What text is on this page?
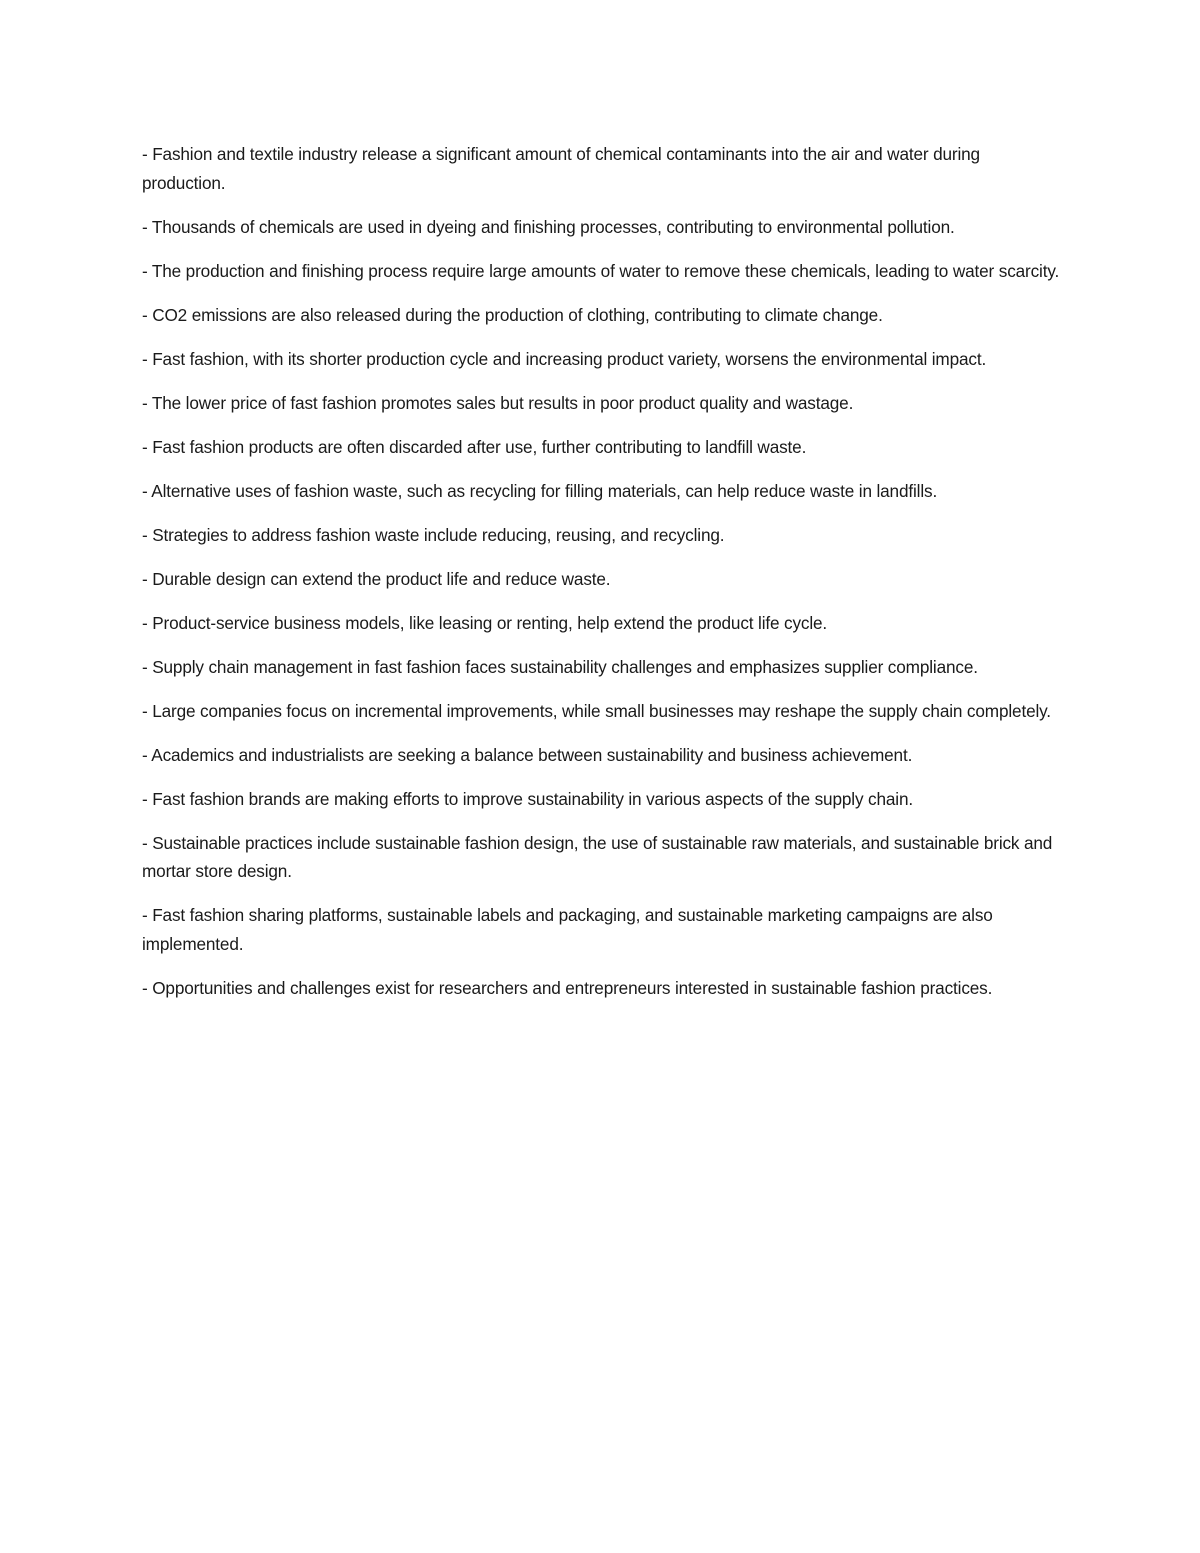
- Fashion and textile industry release a significant amount of chemical contaminants into the air and water during production.

- Thousands of chemicals are used in dyeing and finishing processes, contributing to environmental pollution.

- The production and finishing process require large amounts of water to remove these chemicals, leading to water scarcity.

- CO2 emissions are also released during the production of clothing, contributing to climate change.

- Fast fashion, with its shorter production cycle and increasing product variety, worsens the environmental impact.

- The lower price of fast fashion promotes sales but results in poor product quality and wastage.

- Fast fashion products are often discarded after use, further contributing to landfill waste.

- Alternative uses of fashion waste, such as recycling for filling materials, can help reduce waste in landfills.

- Strategies to address fashion waste include reducing, reusing, and recycling.

- Durable design can extend the product life and reduce waste.

- Product-service business models, like leasing or renting, help extend the product life cycle.

- Supply chain management in fast fashion faces sustainability challenges and emphasizes supplier compliance.

- Large companies focus on incremental improvements, while small businesses may reshape the supply chain completely.

- Academics and industrialists are seeking a balance between sustainability and business achievement.

- Fast fashion brands are making efforts to improve sustainability in various aspects of the supply chain.

- Sustainable practices include sustainable fashion design, the use of sustainable raw materials, and sustainable brick and mortar store design.

- Fast fashion sharing platforms, sustainable labels and packaging, and sustainable marketing campaigns are also implemented.

- Opportunities and challenges exist for researchers and entrepreneurs interested in sustainable fashion practices.
